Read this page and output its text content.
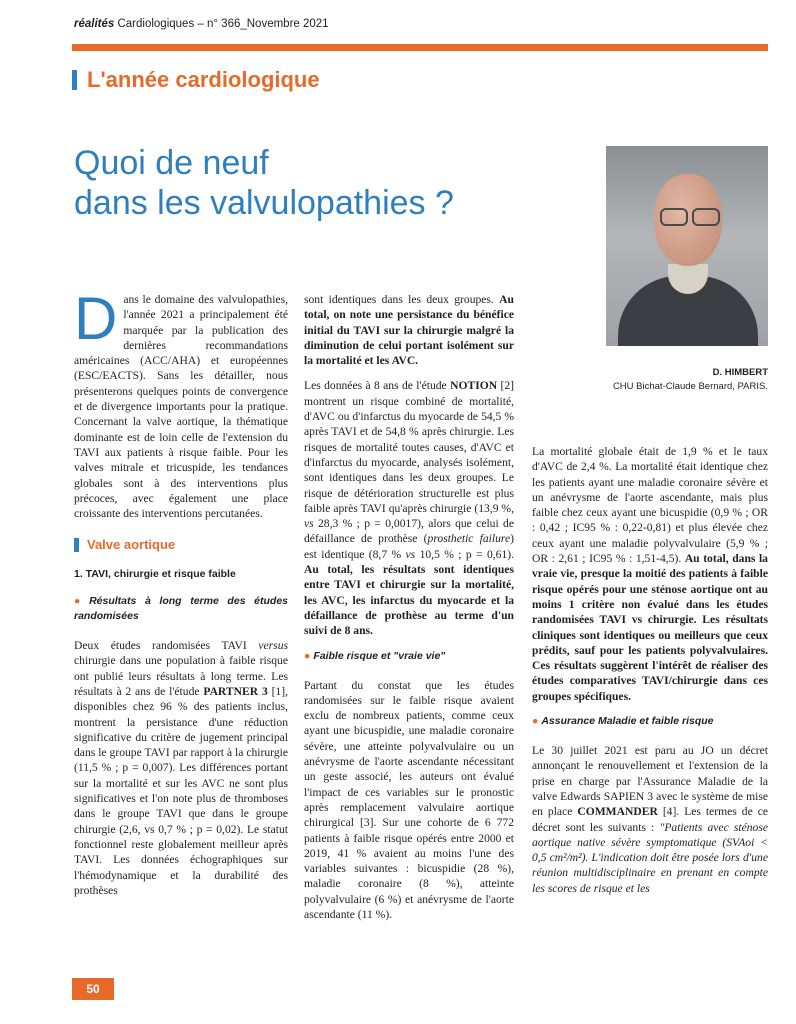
réalités Cardiologiques – n° 366_Novembre 2021
L'année cardiologique
Quoi de neuf
dans les valvulopathies ?
D. HIMBERT
CHU Bichat-Claude Bernard, PARIS.

Dans le domaine des valvulopathies, l'année 2021 a principalement été marquée par la publication des dernières recommandations américaines (ACC/AHA) et européennes (ESC/EACTS). Sans les détailler, nous présenterons quelques points de convergence et de divergence importants pour la pratique. Concernant la valve aortique, la thématique dominante est de loin celle de l'extension du TAVI aux patients à risque faible. Pour les valves mitrale et tricuspide, les tendances globales sont à des interventions plus précoces, avec également une place croissante des interventions percutanées.

Valve aortique
1. TAVI, chirurgie et risque faible
● Résultats à long terme des études randomisées

Deux études randomisées TAVI versus chirurgie dans une population à faible risque ont publié leurs résultats à long terme. Les résultats à 2 ans de l'étude PARTNER 3 [1], disponibles chez 96 % des patients inclus, montrent la persistance d'une réduction significative du critère de jugement principal dans le groupe TAVI par rapport à la chirurgie (11,5 % ; p = 0,007). Les différences portant sur la mortalité et sur les AVC ne sont plus significatives et l'on note plus de thromboses dans le groupe TAVI que dans le groupe chirurgie (2,6, vs 0,7 % ; p = 0,02). Le statut fonctionnel reste globalement meilleur après TAVI. Les données échographiques sur l'hémodynamique et la durabilité des prothèses

sont identiques dans les deux groupes. Au total, on note une persistance du bénéfice initial du TAVI sur la chirurgie malgré la diminution de celui portant isolément sur la mortalité et les AVC.

Les données à 8 ans de l'étude NOTION [2] montrent un risque combiné de mortalité, d'AVC ou d'infarctus du myocarde de 54,5 % après TAVI et de 54,8 % après chirurgie. Les risques de mortalité toutes causes, d'AVC et d'infarctus du myocarde, analysés isolément, sont identiques dans les deux groupes. Le risque de détérioration structurelle est plus faible après TAVI qu'après chirurgie (13,9 %, vs 28,3 % ; p = 0,0017), alors que celui de défaillance de prothèse (prosthetic failure) est identique (8,7 % vs 10,5 % ; p = 0,61). Au total, les résultats sont identiques entre TAVI et chirurgie sur la mortalité, les AVC, les infarctus du myocarde et la défaillance de prothèse au terme d'un suivi de 8 ans.

● Faible risque et "vraie vie"

Partant du constat que les études randomisées sur le faible risque avaient exclu de nombreux patients, comme ceux ayant une bicuspidie, une maladie coronaire sévère, une atteinte polyvalvulaire ou un anévrysme de l'aorte ascendante nécessitant un geste associé, les auteurs ont évalué l'impact de ces variables sur le pronostic après remplacement valvulaire aortique chirurgical [3]. Sur une cohorte de 6 772 patients à faible risque opérés entre 2000 et 2019, 41 % avaient au moins l'une des variables suivantes : bicuspidie (28 %), maladie coronaire (8 %), atteinte polyvalvulaire (6 %) et anévrysme de l'aorte ascendante (11 %).

La mortalité globale était de 1,9 % et le taux d'AVC de 2,4 %. La mortalité était identique chez les patients ayant une maladie coronaire sévère et un anévrysme de l'aorte ascendante, mais plus faible chez ceux ayant une bicuspidie (0,9 % ; OR : 0,42 ; IC95 % : 0,22-0,81) et plus élevée chez ceux ayant une maladie polyvalvulaire (5,9 % ; OR : 2,61 ; IC95 % : 1,51-4,5). Au total, dans la vraie vie, presque la moitié des patients à faible risque opérés pour une sténose aortique ont au moins 1 critère non évalué dans les études randomisées TAVI vs chirurgie. Les résultats cliniques sont identiques ou meilleurs que ceux prédits, sauf pour les patients polyvalvulaires. Ces résultats suggèrent l'intérêt de réaliser des études comparatives TAVI/chirurgie dans ces groupes spécifiques.

● Assurance Maladie et faible risque

Le 30 juillet 2021 est paru au JO un décret annonçant le renouvellement et l'extension de la prise en charge par l'Assurance Maladie de la valve Edwards SAPIEN 3 avec le système de mise en place COMMANDER [4]. Les termes de ce décret sont les suivants : "Patients avec sténose aortique native sévère symptomatique (SVAoi < 0,5 cm²/m²). L'indication doit être posée lors d'une réunion multidisciplinaire en prenant en compte les scores de risque et les

50
